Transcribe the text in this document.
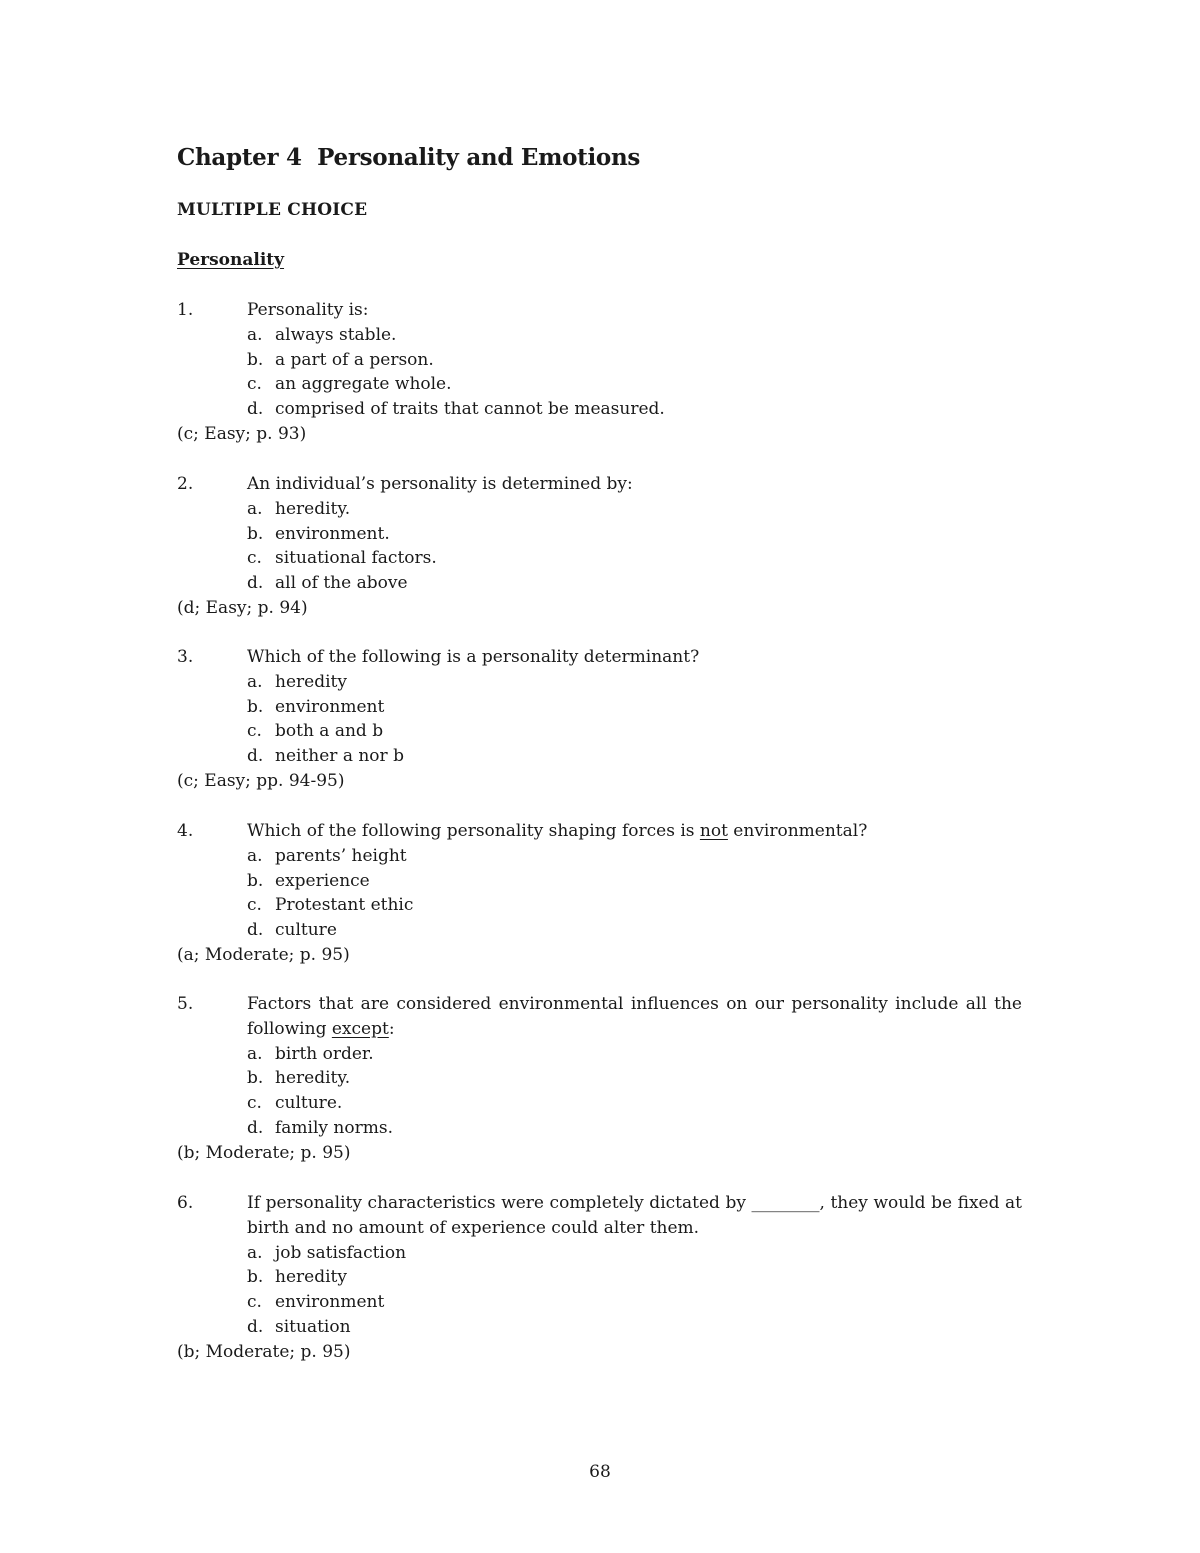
Chapter 4  Personality and Emotions
MULTIPLE CHOICE
Personality
1.	Personality is:
a. always stable.
b. a part of a person.
c. an aggregate whole.
d. comprised of traits that cannot be measured.

(c; Easy; p. 93)

2.	An individual’s personality is determined by:
a. heredity.
b. environment.
c. situational factors.
d. all of the above

(d; Easy; p. 94)

3.	Which of the following is a personality determinant?
a. heredity
b. environment
c. both a and b
d. neither a nor b

(c; Easy; pp. 94-95)

4.	Which of the following personality shaping forces is not environmental?
a. parents’ height
b. experience
c. Protestant ethic
d. culture

(a; Moderate; p. 95)

5.	Factors that are considered environmental influences on our personality include all the following except:
a. birth order.
b. heredity.
c. culture.
d. family norms.

(b; Moderate; p. 95)

6.	If personality characteristics were completely dictated by ________, they would be fixed at birth and no amount of experience could alter them.
a. job satisfaction
b. heredity
c. environment
d. situation

(b; Moderate; p. 95)

68
